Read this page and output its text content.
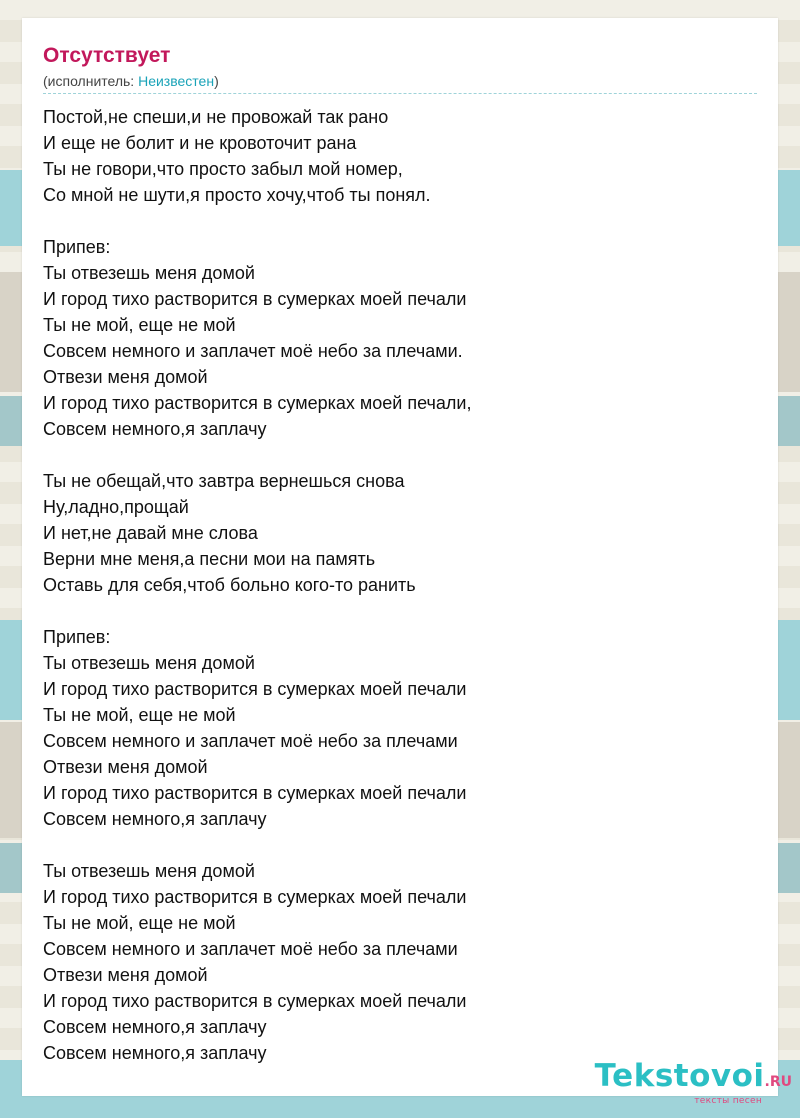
Отсутствует
(исполнитель: Неизвестен)
Постой,не спеши,и не провожай так рано
И еще не болит и не кровоточит рана
Ты не говори,что просто забыл мой номер,
Со мной не шути,я просто хочу,чтоб ты понял.
Припев:
Ты отвезешь меня домой
И город тихо растворится в сумерках моей печали
Ты не мой, еще не мой
Совсем немного и заплачет моё небо за плечами.
Отвези меня домой
И город тихо растворится в сумерках моей печали,
Совсем немного,я заплачу
Ты не обещай,что завтра вернешься снова
Ну,ладно,прощай
И нет,не давай мне слова
Верни мне меня,а песни мои на память
Оставь для себя,чтоб больно кого-то ранить
Припев:
Ты отвезешь меня домой
И город тихо растворится в сумерках моей печали
Ты не мой, еще не мой
Совсем немного и заплачет моё небо за плечами
Отвези меня домой
И город тихо растворится в сумерках моей печали
Совсем немного,я заплачу
Ты отвезешь меня домой
И город тихо растворится в сумерках моей печали
Ты не мой, еще не мой
Совсем немного и заплачет моё небо за плечами
Отвези меня домой
И город тихо растворится в сумерках моей печали
Совсем немного,я заплачу
Совсем немного,я заплачу
Tekstovoi.RU
тексты песен
